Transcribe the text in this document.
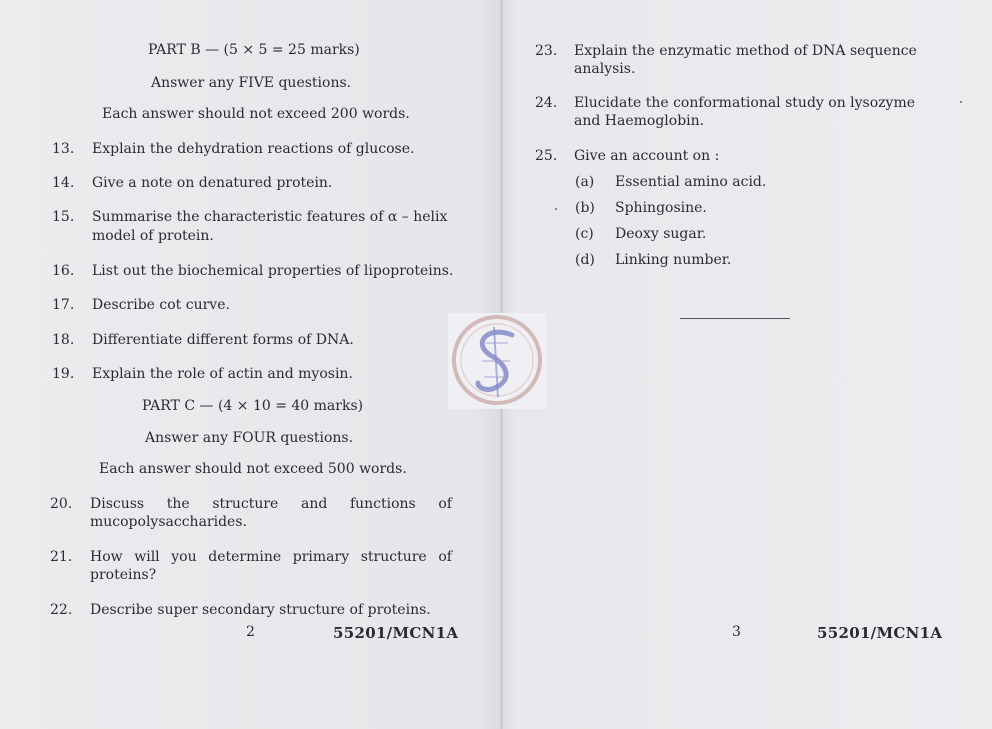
PART B — (5 × 5 = 25 marks)
Answer any FIVE questions.
Each answer should not exceed 200 words.
13. Explain the dehydration reactions of glucose.
14. Give a note on denatured protein.
15. Summarise the characteristic features of α – helix
model of protein.
16. List out the biochemical properties of lipoproteins.
17. Describe cot curve.
18. Differentiate different forms of DNA.
19. Explain the role of actin and myosin.
PART C — (4 × 10 = 40 marks)
Answer any FOUR questions.
Each answer should not exceed 500 words.
20. Discuss the structure and functions of
mucopolysaccharides.
21. How will you determine primary structure of
proteins?
22. Describe super secondary structure of proteins.
2	55201/MCN1A
23. Explain the enzymatic method of DNA sequence
analysis.
24. Elucidate the conformational study on lysozyme
and Haemoglobin.
25. Give an account on :
(a) Essential amino acid.
(b) Sphingosine.
(c) Deoxy sugar.
(d) Linking number.
3	55201/MCN1A
